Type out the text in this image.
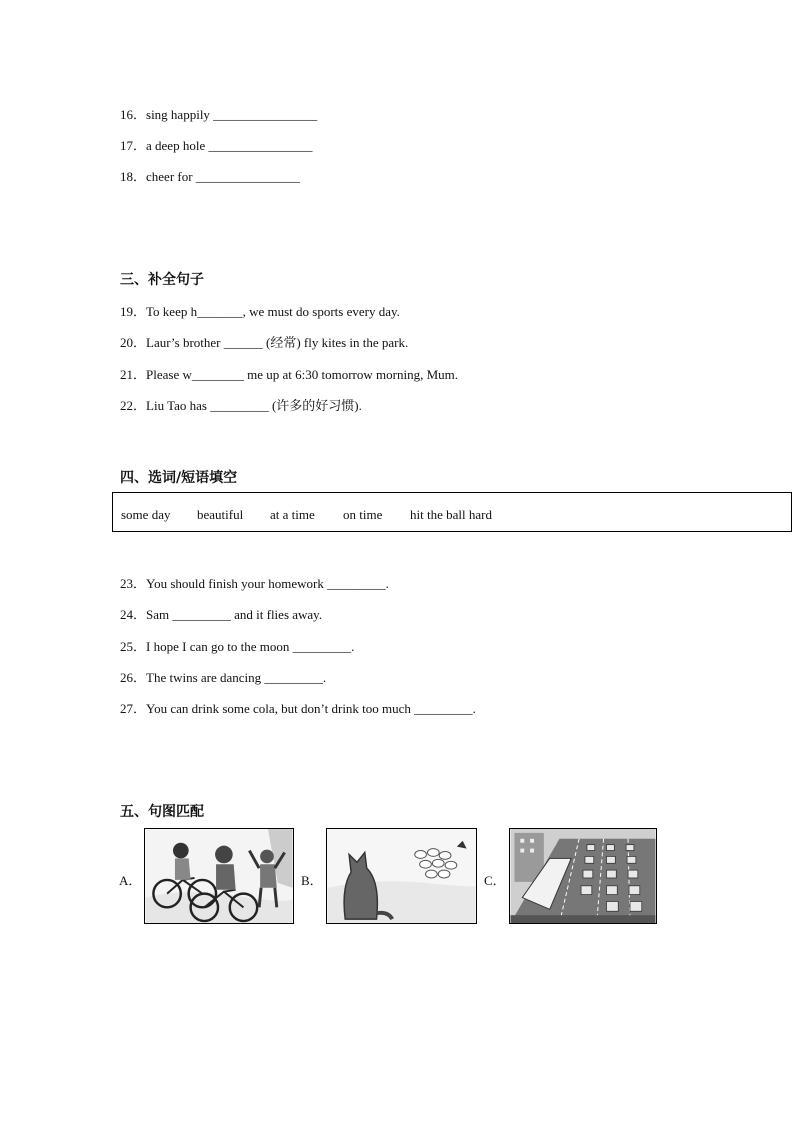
16．sing happily ________________
17．a deep hole ________________
18．cheer for ________________
三、补全句子
19．To keep h_______, we must do sports every day.
20．Laur’s brother ______ (经常) fly kites in the park.
21．Please w________ me up at 6:30 tomorrow morning, Mum.
22．Liu Tao has _________ (许多的好习惯).
四、选词/短语填空
some day beautiful at a time on time hit the ball hard
23．You should finish your homework _________.
24．Sam _________ and it flies away.
25．I hope I can go to the moon _________.
26．The twins are dancing _________.
27．You can drink some cola, but don’t drink too much _________.
五、句图匹配
A．	B．	C．
